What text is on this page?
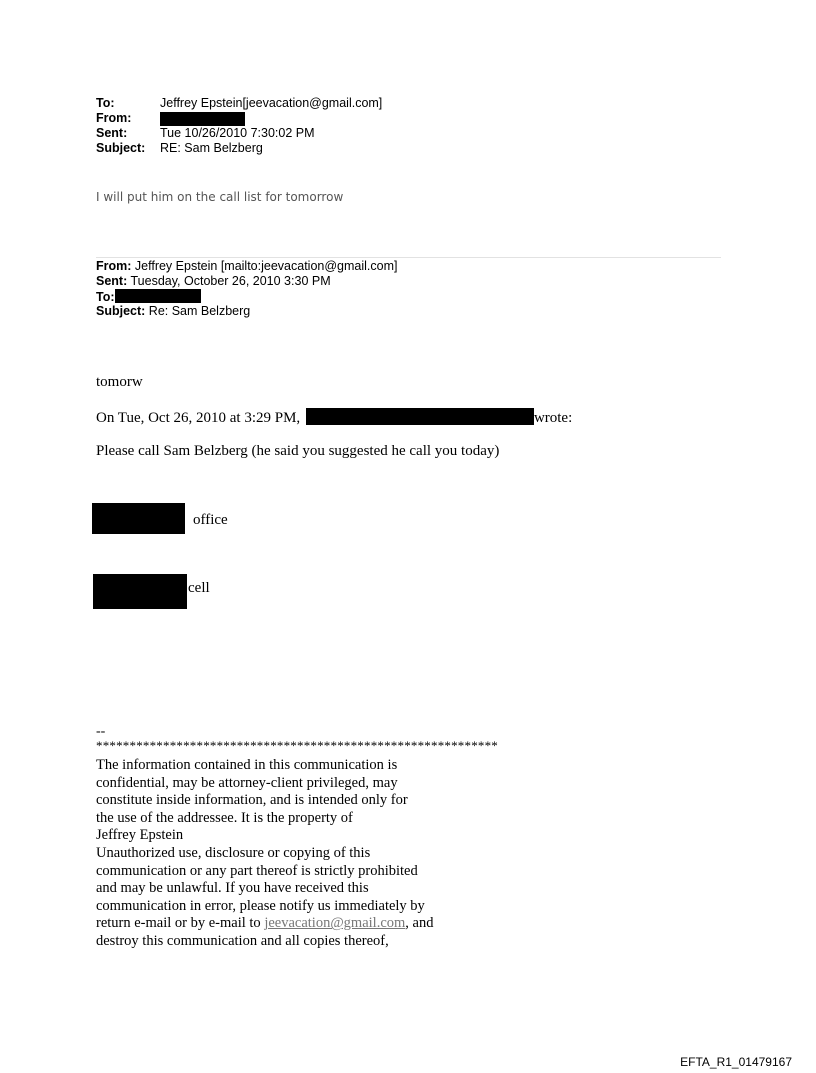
To:	Jeffrey Epstein[jeevacation@gmail.com]
From:
Sent:	Tue 10/26/2010 7:30:02 PM
Subject:	RE: Sam Belzberg
I will put him on the call list for tomorrow
From: Jeffrey Epstein [mailto:jeevacation@gmail.com]
Sent: Tuesday, October 26, 2010 3:30 PM
To:
Subject: Re: Sam Belzberg
tomorw
On Tue, Oct 26, 2010 at 3:29 PM,	wrote:
Please call Sam Belzberg (he said you suggested he call you today)
office
cell
--
************************************************************
The information contained in this communication is
confidential, may be attorney-client privileged, may
constitute inside information, and is intended only for
the use of the addressee. It is the property of
Jeffrey Epstein
Unauthorized use, disclosure or copying of this
communication or any part thereof is strictly prohibited
and may be unlawful. If you have received this
communication in error, please notify us immediately by
return e-mail or by e-mail to jeevacation@gmail.com, and
destroy this communication and all copies thereof,
EFTA_R1_01479167
